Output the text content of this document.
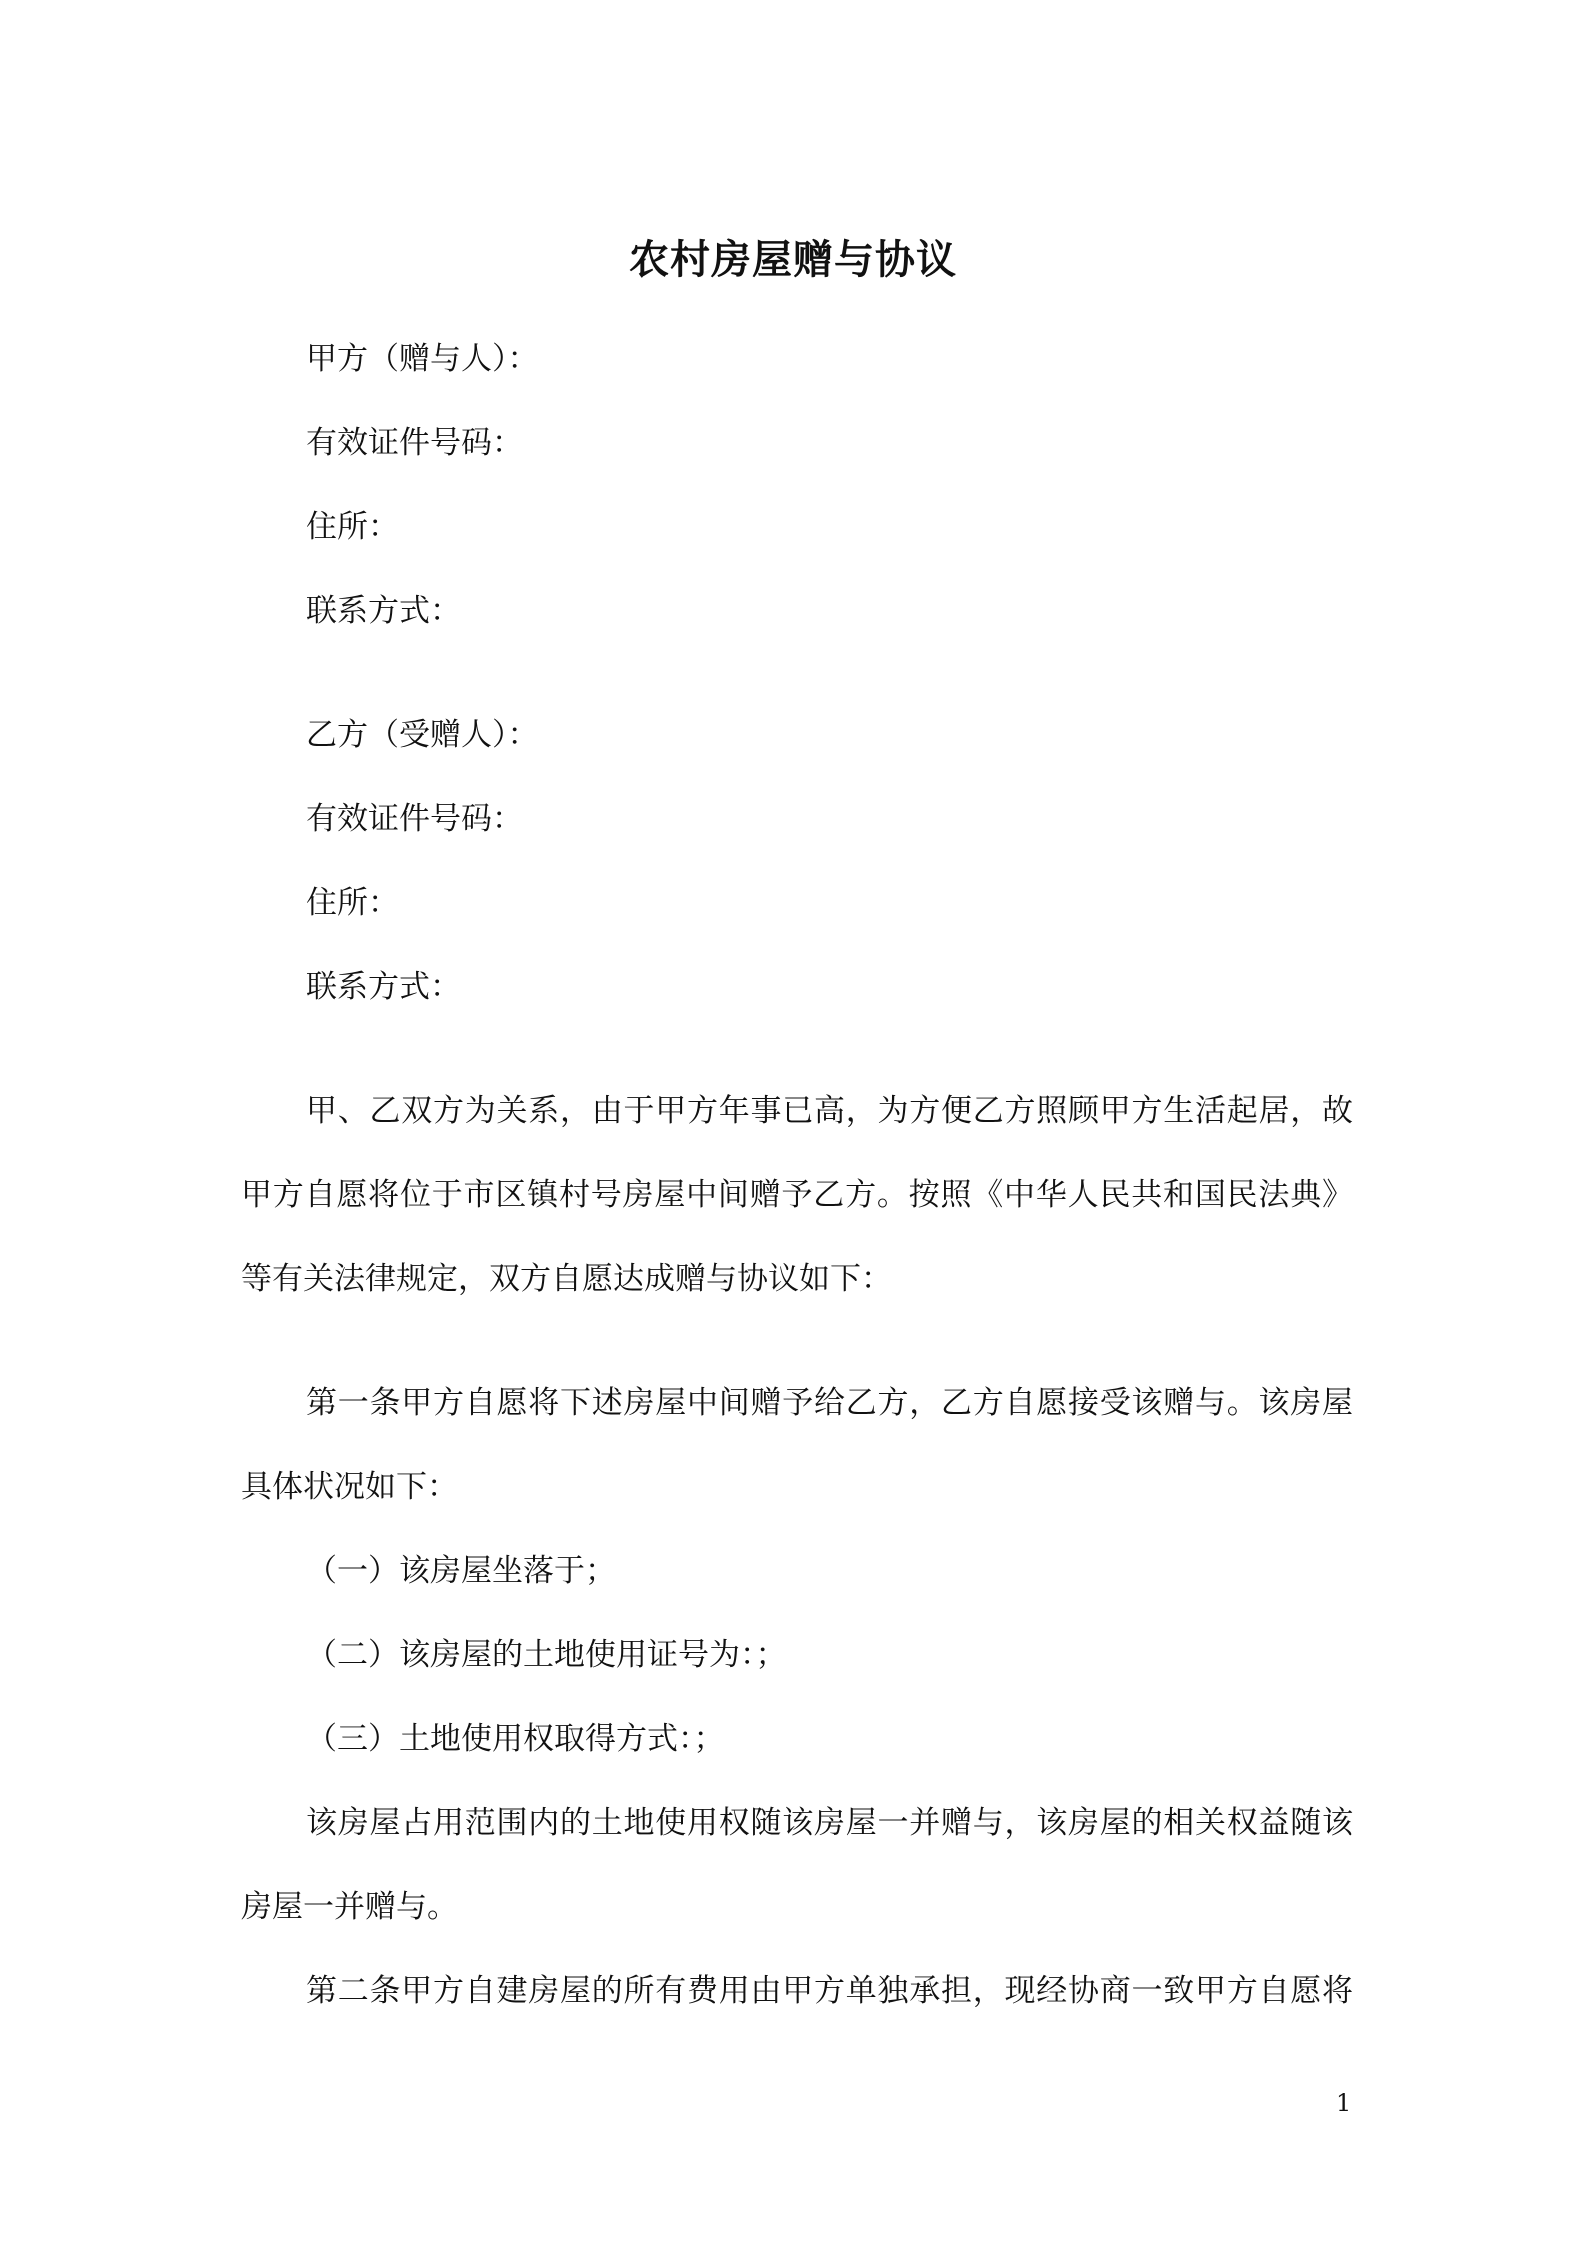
农村房屋赠与协议
甲方（赠与人）：
有效证件号码：
住所：
联系方式：
乙方（受赠人）：
有效证件号码：
住所：
联系方式：
甲、乙双方为关系，由于甲方年事已高，为方便乙方照顾甲方生活起居，故
甲方自愿将位于市区镇村号房屋中间赠予乙方。按照《中华人民共和国民法典》
等有关法律规定，双方自愿达成赠与协议如下：
第一条甲方自愿将下述房屋中间赠予给乙方，乙方自愿接受该赠与。该房屋
具体状况如下：
（一）该房屋坐落于；
（二）该房屋的土地使用证号为：；
（三）土地使用权取得方式：；
该房屋占用范围内的土地使用权随该房屋一并赠与，该房屋的相关权益随该
房屋一并赠与。
第二条甲方自建房屋的所有费用由甲方单独承担，现经协商一致甲方自愿将
1
